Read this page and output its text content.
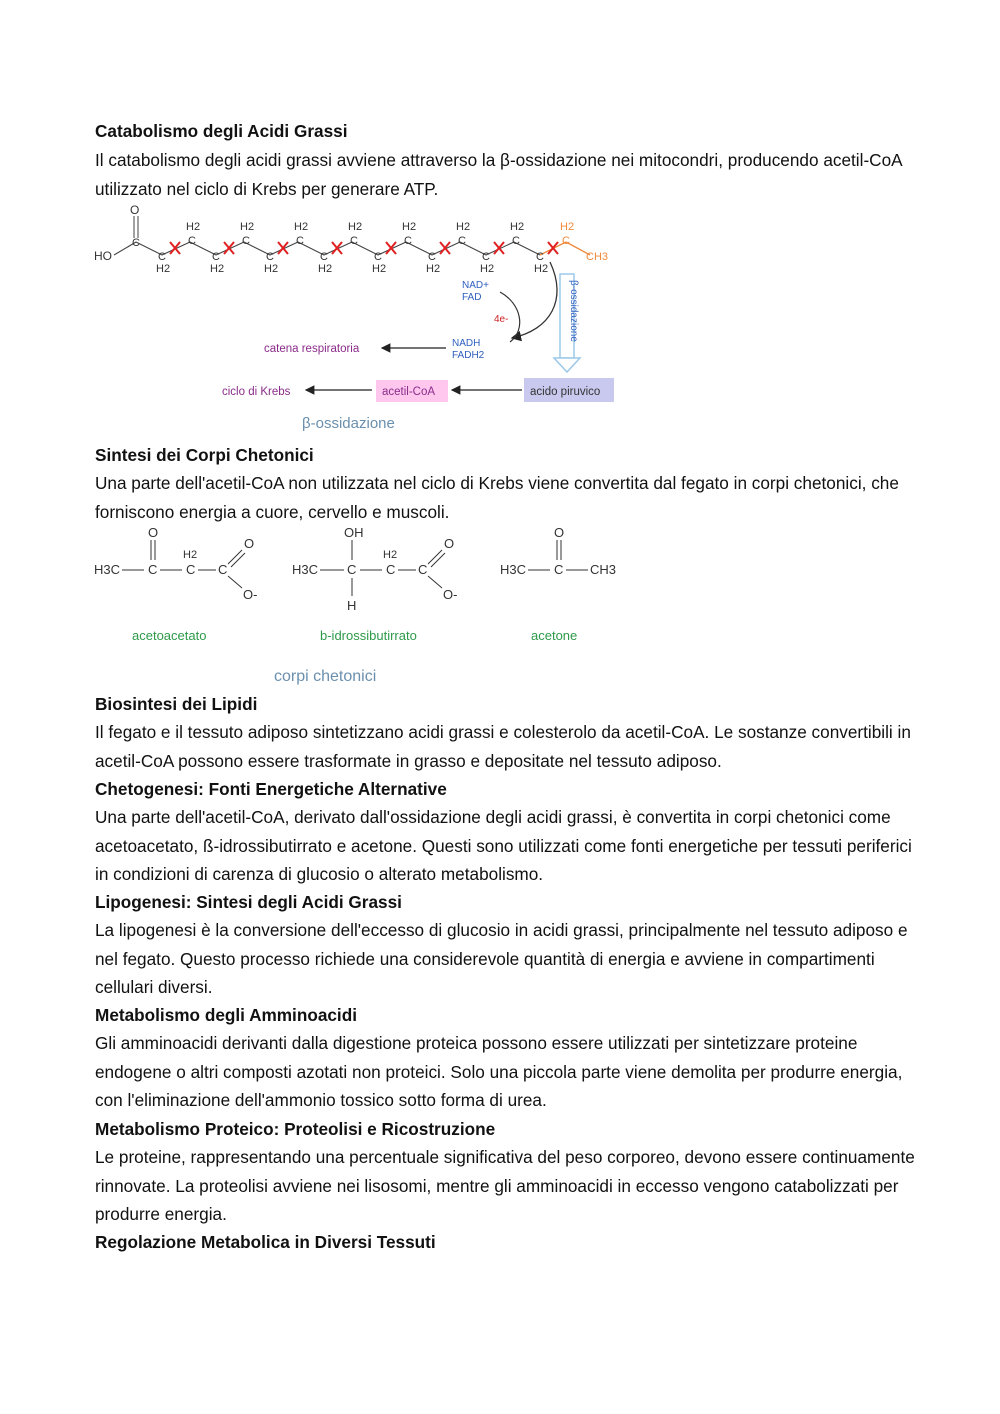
Catabolismo degli Acidi Grassi

Il catabolismo degli acidi grassi avviene attraverso la β-ossidazione nei mitocondri, producendo acetil-CoA utilizzato nel ciclo di Krebs per generare ATP.

O
HO
C
H2
C
H2
C
H2
C
H2
C
H2
C
H2
C
H2
C
C
H2
C
H2
C
H2
C
H2
C
H2
C
H2
C
H2
C
H2
H2
C
CH3
NAD+
FAD
4e-
NADH
FADH2
β-ossidazione
catena respiratoria
acido piruvico
acetil-CoA
ciclo di Krebs
β-ossidazione

Sintesi dei Corpi Chetonici

Una parte dell'acetil-CoA non utilizzata nel ciclo di Krebs viene convertita dal fegato in corpi chetonici, che forniscono energia a cuore, cervello e muscoli.

H3C C
O
H2
C C
O
O-
H3C C
OH
H
H2
C C
O
O-
H3C C
O
CH3
acetoacetato	b-idrossibutirrato	acetone
corpi chetonici

Biosintesi dei Lipidi

Il fegato e il tessuto adiposo sintetizzano acidi grassi e colesterolo da acetil-CoA. Le sostanze convertibili in acetil-CoA possono essere trasformate in grasso e depositate nel tessuto adiposo.

Chetogenesi: Fonti Energetiche Alternative

Una parte dell'acetil-CoA, derivato dall'ossidazione degli acidi grassi, è convertita in corpi chetonici come acetoacetato, ß-idrossibutirrato e acetone. Questi sono utilizzati come fonti energetiche per tessuti periferici in condizioni di carenza di glucosio o alterato metabolismo.

Lipogenesi: Sintesi degli Acidi Grassi

La lipogenesi è la conversione dell'eccesso di glucosio in acidi grassi, principalmente nel tessuto adiposo e nel fegato. Questo processo richiede una considerevole quantità di energia e avviene in compartimenti cellulari diversi.

Metabolismo degli Amminoacidi

Gli amminoacidi derivanti dalla digestione proteica possono essere utilizzati per sintetizzare proteine endogene o altri composti azotati non proteici. Solo una piccola parte viene demolita per produrre energia, con l'eliminazione dell'ammonio tossico sotto forma di urea.

Metabolismo Proteico: Proteolisi e Ricostruzione

Le proteine, rappresentando una percentuale significativa del peso corporeo, devono essere continuamente rinnovate. La proteolisi avviene nei lisosomi, mentre gli amminoacidi in eccesso vengono catabolizzati per produrre energia.

Regolazione Metabolica in Diversi Tessuti
